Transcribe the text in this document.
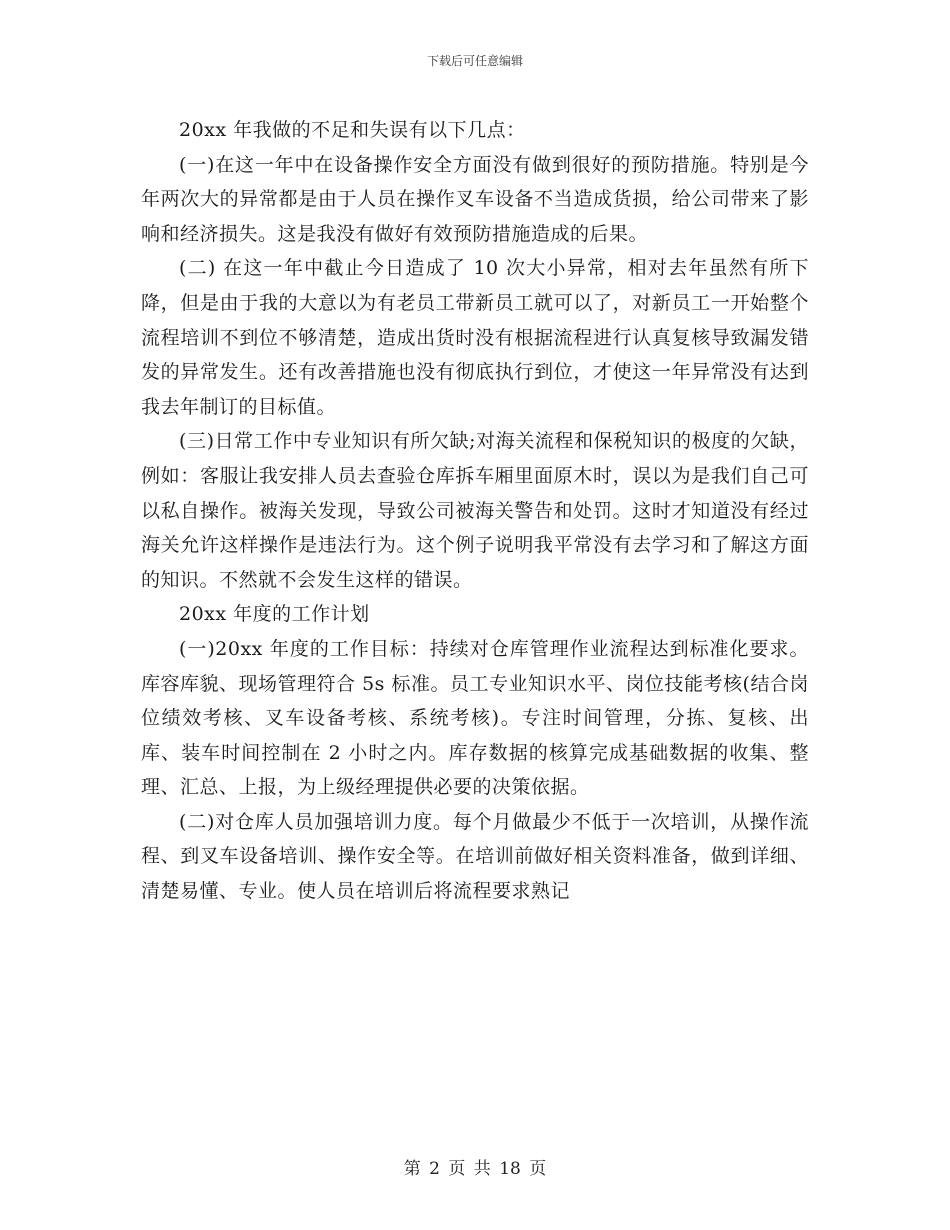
下载后可任意编辑

20xx 年我做的不足和失误有以下几点：

(一)在这一年中在设备操作安全方面没有做到很好的预防措施。特别是今年两次大的异常都是由于人员在操作叉车设备不当造成货损，给公司带来了影响和经济损失。这是我没有做好有效预防措施造成的后果。

(二) 在这一年中截止今日造成了 10 次大小异常，相对去年虽然有所下降，但是由于我的大意以为有老员工带新员工就可以了，对新员工一开始整个流程培训不到位不够清楚，造成出货时没有根据流程进行认真复核导致漏发错发的异常发生。还有改善措施也没有彻底执行到位，才使这一年异常没有达到我去年制订的目标值。

(三)日常工作中专业知识有所欠缺;对海关流程和保税知识的极度的欠缺，例如：客服让我安排人员去查验仓库拆车厢里面原木时，误以为是我们自己可以私自操作。被海关发现，导致公司被海关警告和处罚。这时才知道没有经过海关允许这样操作是违法行为。这个例子说明我平常没有去学习和了解这方面的知识。不然就不会发生这样的错误。

20xx 年度的工作计划

(一)20xx 年度的工作目标：持续对仓库管理作业流程达到标准化要求。库容库貌、现场管理符合 5s 标准。员工专业知识水平、岗位技能考核(结合岗位绩效考核、叉车设备考核、系统考核)。专注时间管理，分拣、复核、出库、装车时间控制在 2 小时之内。库存数据的核算完成基础数据的收集、整理、汇总、上报，为上级经理提供必要的决策依据。

(二)对仓库人员加强培训力度。每个月做最少不低于一次培训，从操作流程、到叉车设备培训、操作安全等。在培训前做好相关资料准备，做到详细、清楚易懂、专业。使人员在培训后将流程要求熟记

第 2 页 共 18 页
